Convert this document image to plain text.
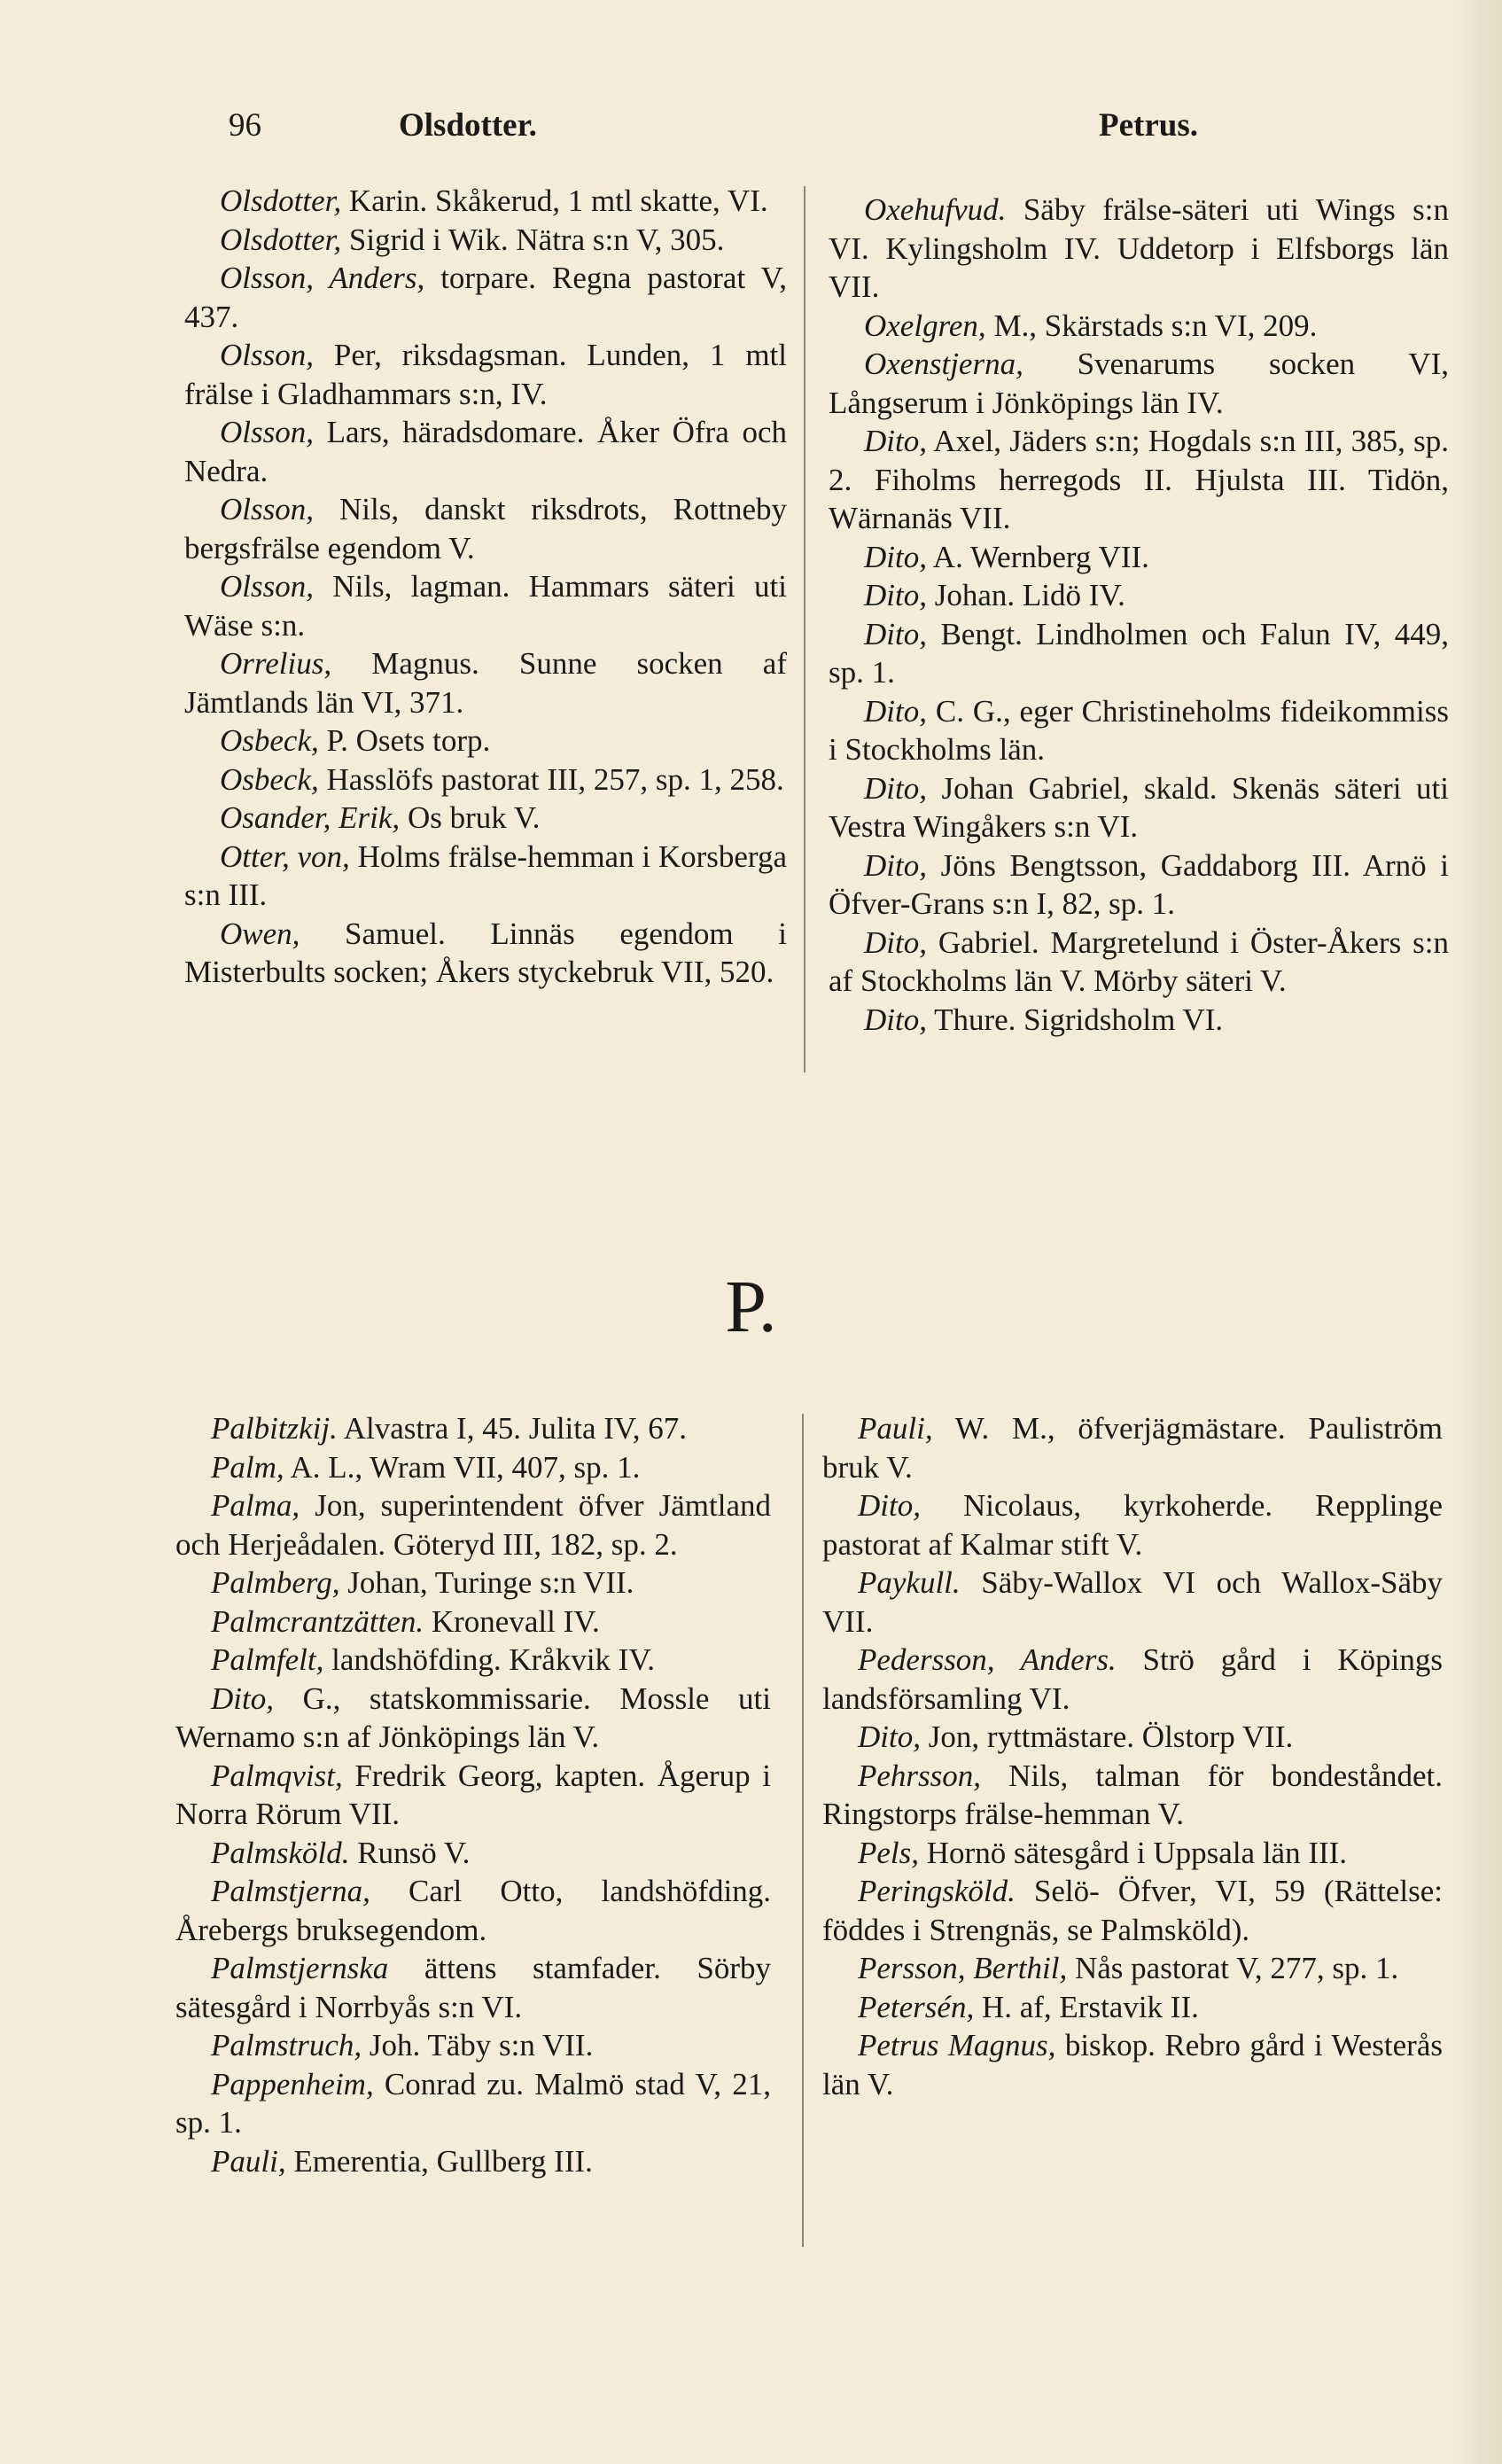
96	Olsdotter.	Petrus.
Olsdotter, Karin. Skåkerud, 1 mtl skatte, VI.
Olsdotter, Sigrid i Wik. Nätra s:n V, 305.
Olsson, Anders, torpare. Regna pastorat V, 437.
Olsson, Per, riksdagsman. Lunden, 1 mtl frälse i Gladhammars s:n, IV.
Olsson, Lars, häradsdomare. Åker Öfra och Nedra.
Olsson, Nils, danskt riksdrots, Rottneby bergsfrälse egendom V.
Olsson, Nils, lagman. Hammars säteri uti Wäse s:n.
Orrelius, Magnus. Sunne socken af Jämtlands län VI, 371.
Osbeck, P. Osets torp.
Osbeck, Hasslöfs pastorat III, 257, sp. 1, 258.
Osander, Erik, Os bruk V.
Otter, von, Holms frälse-hemman i Korsberga s:n III.
Owen, Samuel. Linnäs egendom i Misterbults socken; Åkers styckebruk VII, 520.
Oxehufvud. Säby frälse-säteri uti Wings s:n VI. Kylingsholm IV. Uddetorp i Elfsborgs län VII.
Oxelgren, M., Skärstads s:n VI, 209.
Oxenstjerna, Svenarums socken VI, Långserum i Jönköpings län IV.
Dito, Axel, Jäders s:n; Hogdals s:n III, 385, sp. 2. Fiholms herregods II. Hjulsta III. Tidön, Wärnanäs VII.
Dito, A. Wernberg VII.
Dito, Johan. Lidö IV.
Dito, Bengt. Lindholmen och Falun IV, 449, sp. 1.
Dito, C. G., eger Christineholms fideikommiss i Stockholms län.
Dito, Johan Gabriel, skald. Skenäs säteri uti Vestra Wingåkers s:n VI.
Dito, Jöns Bengtsson, Gaddaborg III. Arnö i Öfver-Grans s:n I, 82, sp. 1.
Dito, Gabriel. Margretelund i Öster-Åkers s:n af Stockholms län V. Mörby säteri V.
Dito, Thure. Sigridsholm VI.
P.
Palbitzkij. Alvastra I, 45. Julita IV, 67.
Palm, A. L., Wram VII, 407, sp. 1.
Palma, Jon, superintendent öfver Jämtland och Herjeådalen. Göteryd III, 182, sp. 2.
Palmberg, Johan, Turinge s:n VII.
Palmcrantzätten. Kronevall IV.
Palmfelt, landshöfding. Kråkvik IV.
Dito, G., statskommissarie. Mossle uti Wernamo s:n af Jönköpings län V.
Palmqvist, Fredrik Georg, kapten. Ågerup i Norra Rörum VII.
Palmsköld. Runsö V.
Palmstjerna, Carl Otto, landshöfding. Årebergs bruksegendom.
Palmstjernska ättens stamfader. Sörby sätesgård i Norrbyås s:n VI.
Palmstruch, Joh. Täby s:n VII.
Pappenheim, Conrad zu. Malmö stad V, 21, sp. 1.
Pauli, Emerentia, Gullberg III.
Pauli, W. M., öfverjägmästare. Pauliström bruk V.
Dito, Nicolaus, kyrkoherde. Repplinge pastorat af Kalmar stift V.
Paykull. Säby-Wallox VI och Wallox-Säby VII.
Pedersson, Anders. Strö gård i Köpings landsförsamling VI.
Dito, Jon, ryttmästare. Ölstorp VII.
Pehrsson, Nils, talman för bondeståndet. Ringstorps frälse-hemman V.
Pels, Hornö sätesgård i Uppsala län III.
Peringsköld. Selö- Öfver, VI, 59 (Rättelse: föddes i Strengnäs, se Palmsköld).
Persson, Berthil, Nås pastorat V, 277, sp. 1.
Petersén, H. af, Erstavik II.
Petrus Magnus, biskop. Rebro gård i Westerås län V.
